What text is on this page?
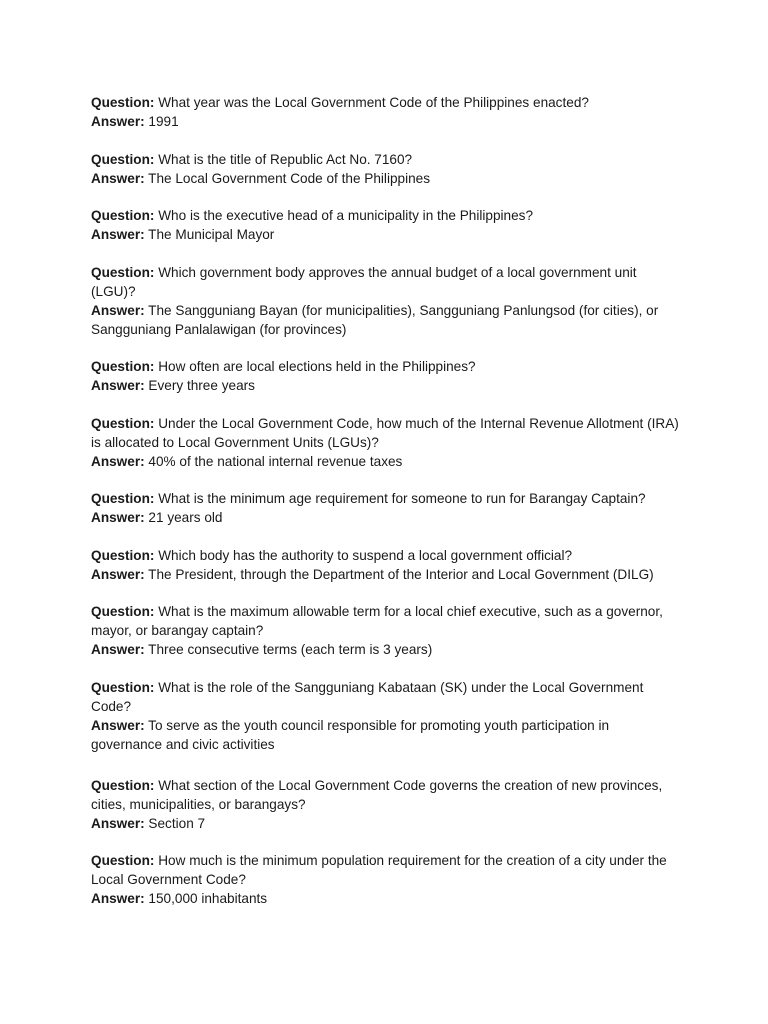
Question: What year was the Local Government Code of the Philippines enacted?

Answer: 1991

Question: What is the title of Republic Act No. 7160?

Answer: The Local Government Code of the Philippines

Question: Who is the executive head of a municipality in the Philippines?

Answer: The Municipal Mayor

Question: Which government body approves the annual budget of a local government unit (LGU)?

Answer: The Sangguniang Bayan (for municipalities), Sangguniang Panlungsod (for cities), or Sangguniang Panlalawigan (for provinces)

Question: How often are local elections held in the Philippines?

Answer: Every three years

Question: Under the Local Government Code, how much of the Internal Revenue Allotment (IRA) is allocated to Local Government Units (LGUs)?

Answer: 40% of the national internal revenue taxes

Question: What is the minimum age requirement for someone to run for Barangay Captain?

Answer: 21 years old

Question: Which body has the authority to suspend a local government official?

Answer: The President, through the Department of the Interior and Local Government (DILG)

Question: What is the maximum allowable term for a local chief executive, such as a governor, mayor, or barangay captain?

Answer: Three consecutive terms (each term is 3 years)

Question: What is the role of the Sangguniang Kabataan (SK) under the Local Government Code?

Answer: To serve as the youth council responsible for promoting youth participation in governance and civic activities

Question: What section of the Local Government Code governs the creation of new provinces, cities, municipalities, or barangays?

Answer: Section 7

Question: How much is the minimum population requirement for the creation of a city under the Local Government Code?

Answer: 150,000 inhabitants
